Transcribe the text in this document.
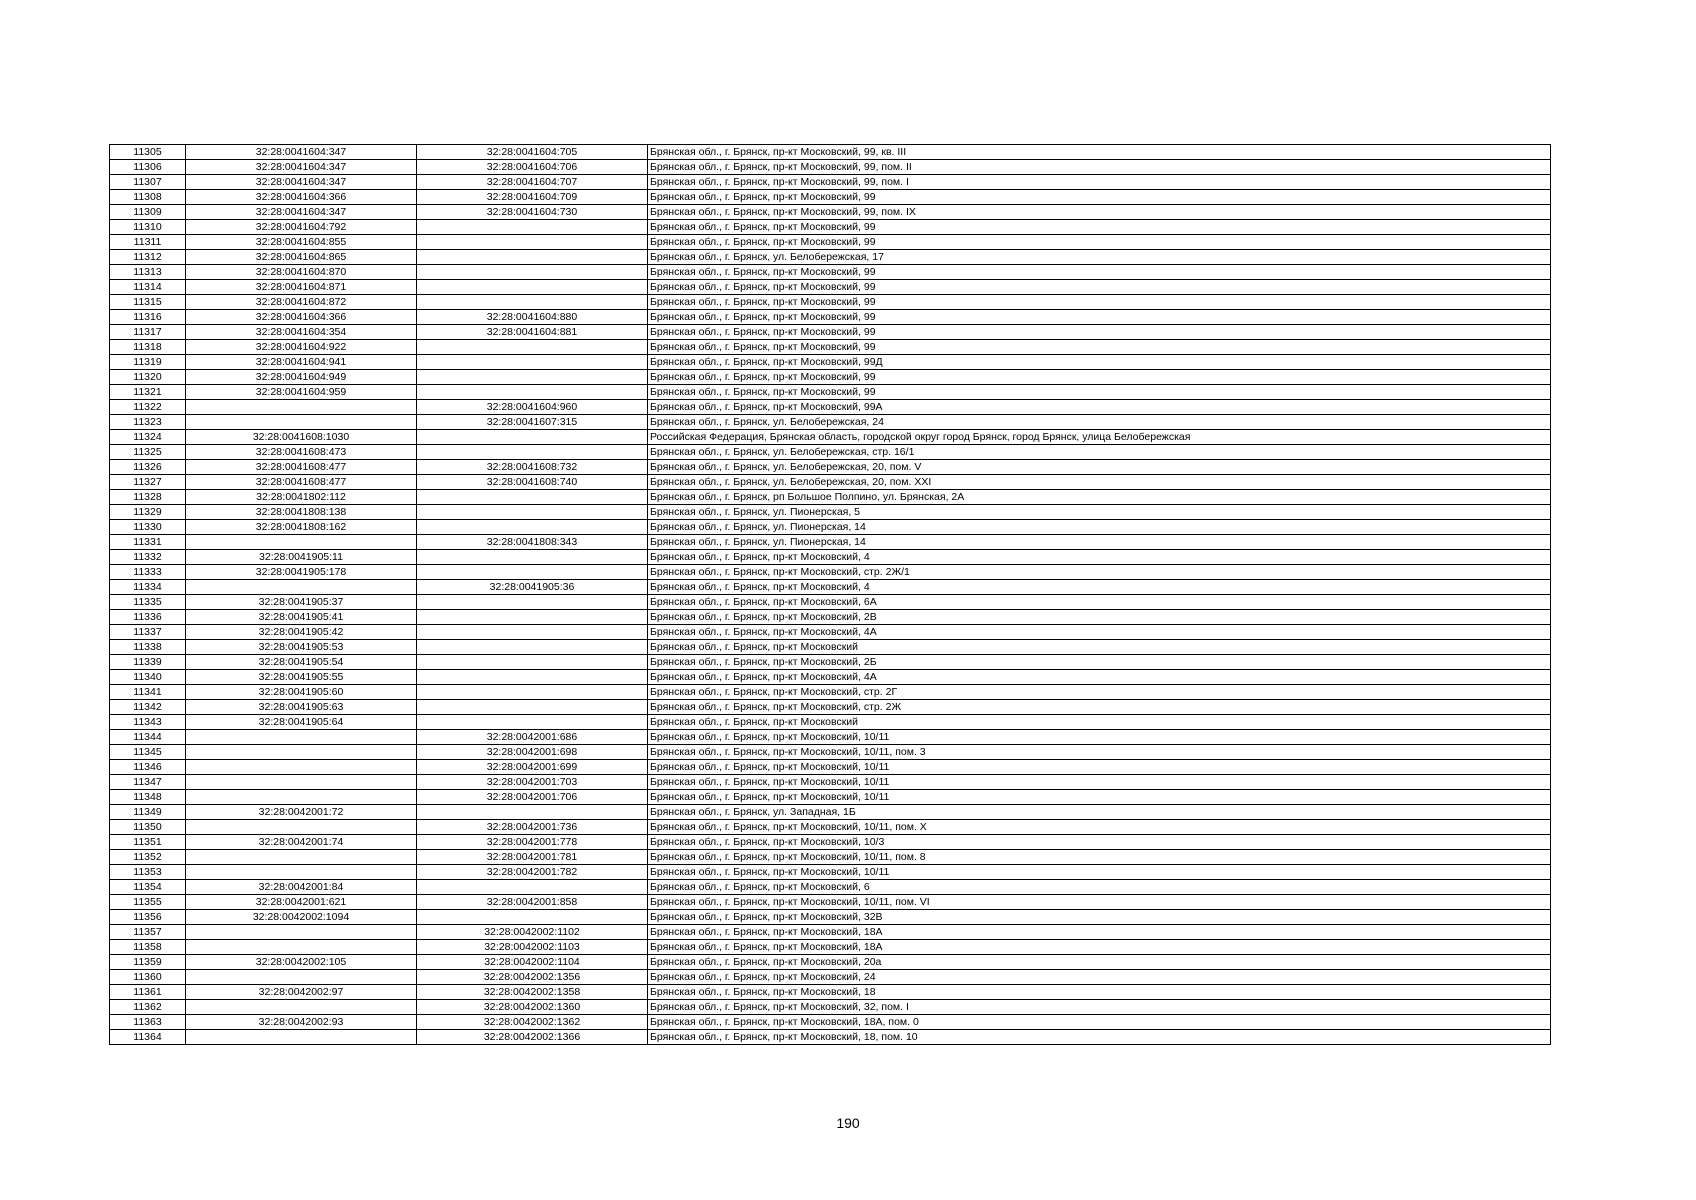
11305	32:28:0041604:347	32:28:0041604:705	Брянская обл., г. Брянск, пр-кт Московский, 99, кв. III
11306	32:28:0041604:347	32:28:0041604:706	Брянская обл., г. Брянск, пр-кт Московский, 99, пом. II
11307	32:28:0041604:347	32:28:0041604:707	Брянская обл., г. Брянск, пр-кт Московский, 99, пом. I
11308	32:28:0041604:366	32:28:0041604:709	Брянская обл., г. Брянск, пр-кт Московский, 99
11309	32:28:0041604:347	32:28:0041604:730	Брянская обл., г. Брянск, пр-кт Московский, 99, пом. IX
11310	32:28:0041604:792		Брянская обл., г. Брянск, пр-кт Московский, 99
11311	32:28:0041604:855		Брянская обл., г. Брянск, пр-кт Московский, 99
11312	32:28:0041604:865		Брянская обл., г. Брянск, ул. Белобережская, 17
11313	32:28:0041604:870		Брянская обл., г. Брянск, пр-кт Московский, 99
11314	32:28:0041604:871		Брянская обл., г. Брянск, пр-кт Московский, 99
11315	32:28:0041604:872		Брянская обл., г. Брянск, пр-кт Московский, 99
11316	32:28:0041604:366	32:28:0041604:880	Брянская обл., г. Брянск, пр-кт Московский, 99
11317	32:28:0041604:354	32:28:0041604:881	Брянская обл., г. Брянск, пр-кт Московский, 99
11318	32:28:0041604:922		Брянская обл., г. Брянск, пр-кт Московский, 99
11319	32:28:0041604:941		Брянская обл., г. Брянск, пр-кт Московский, 99Д
11320	32:28:0041604:949		Брянская обл., г. Брянск, пр-кт Московский, 99
11321	32:28:0041604:959		Брянская обл., г. Брянск, пр-кт Московский, 99
11322		32:28:0041604:960	Брянская обл., г. Брянск, пр-кт Московский, 99А
11323		32:28:0041607:315	Брянская обл., г. Брянск, ул. Белобережская, 24
11324	32:28:0041608:1030		Российская Федерация, Брянская область, городской округ город Брянск, город Брянск, улица Белобережская
11325	32:28:0041608:473		Брянская обл., г. Брянск, ул. Белобережская, стр. 16/1
11326	32:28:0041608:477	32:28:0041608:732	Брянская обл., г. Брянск, ул. Белобережская, 20, пом. V
11327	32:28:0041608:477	32:28:0041608:740	Брянская обл., г. Брянск, ул. Белобережская, 20, пом. XXI
11328	32:28:0041802:112		Брянская обл., г. Брянск, рп Большое Полпино, ул. Брянская, 2А
11329	32:28:0041808:138		Брянская обл., г. Брянск, ул. Пионерская, 5
11330	32:28:0041808:162		Брянская обл., г. Брянск, ул. Пионерская, 14
11331		32:28:0041808:343	Брянская обл., г. Брянск, ул. Пионерская, 14
11332	32:28:0041905:11		Брянская обл., г. Брянск, пр-кт Московский, 4
11333	32:28:0041905:178		Брянская обл., г. Брянск, пр-кт Московский, стр. 2Ж/1
11334		32:28:0041905:36	Брянская обл., г. Брянск, пр-кт Московский, 4
11335	32:28:0041905:37		Брянская обл., г. Брянск, пр-кт Московский, 6А
11336	32:28:0041905:41		Брянская обл., г. Брянск, пр-кт Московский, 2В
11337	32:28:0041905:42		Брянская обл., г. Брянск, пр-кт Московский, 4А
11338	32:28:0041905:53		Брянская обл., г. Брянск, пр-кт Московский
11339	32:28:0041905:54		Брянская обл., г. Брянск, пр-кт Московский, 2Б
11340	32:28:0041905:55		Брянская обл., г. Брянск, пр-кт Московский, 4А
11341	32:28:0041905:60		Брянская обл., г. Брянск, пр-кт Московский, стр. 2Г
11342	32:28:0041905:63		Брянская обл., г. Брянск, пр-кт Московский, стр. 2Ж
11343	32:28:0041905:64		Брянская обл., г. Брянск, пр-кт Московский
11344		32:28:0042001:686	Брянская обл., г. Брянск, пр-кт Московский, 10/11
11345		32:28:0042001:698	Брянская обл., г. Брянск, пр-кт Московский, 10/11, пом. 3
11346		32:28:0042001:699	Брянская обл., г. Брянск, пр-кт Московский, 10/11
11347		32:28:0042001:703	Брянская обл., г. Брянск, пр-кт Московский, 10/11
11348		32:28:0042001:706	Брянская обл., г. Брянск, пр-кт Московский, 10/11
11349	32:28:0042001:72		Брянская обл., г. Брянск, ул. Западная, 1Б
11350		32:28:0042001:736	Брянская обл., г. Брянск, пр-кт Московский, 10/11, пом. X
11351	32:28:0042001:74	32:28:0042001:778	Брянская обл., г. Брянск, пр-кт Московский, 10/3
11352		32:28:0042001:781	Брянская обл., г. Брянск, пр-кт Московский, 10/11, пом. 8
11353		32:28:0042001:782	Брянская обл., г. Брянск, пр-кт Московский, 10/11
11354	32:28:0042001:84		Брянская обл., г. Брянск, пр-кт Московский, 6
11355	32:28:0042001:621	32:28:0042001:858	Брянская обл., г. Брянск, пр-кт Московский, 10/11, пом. VI
11356	32:28:0042002:1094		Брянская обл., г. Брянск, пр-кт Московский, 32В
11357		32:28:0042002:1102	Брянская обл., г. Брянск, пр-кт Московский, 18А
11358		32:28:0042002:1103	Брянская обл., г. Брянск, пр-кт Московский, 18А
11359	32:28:0042002:105	32:28:0042002:1104	Брянская обл., г. Брянск, пр-кт Московский, 20а
11360		32:28:0042002:1356	Брянская обл., г. Брянск, пр-кт Московский, 24
11361	32:28:0042002:97	32:28:0042002:1358	Брянская обл., г. Брянск, пр-кт Московский, 18
11362		32:28:0042002:1360	Брянская обл., г. Брянск, пр-кт Московский, 32, пом. I
11363	32:28:0042002:93	32:28:0042002:1362	Брянская обл., г. Брянск, пр-кт Московский, 18А, пом. 0
11364		32:28:0042002:1366	Брянская обл., г. Брянск, пр-кт Московский, 18, пом. 10
190
